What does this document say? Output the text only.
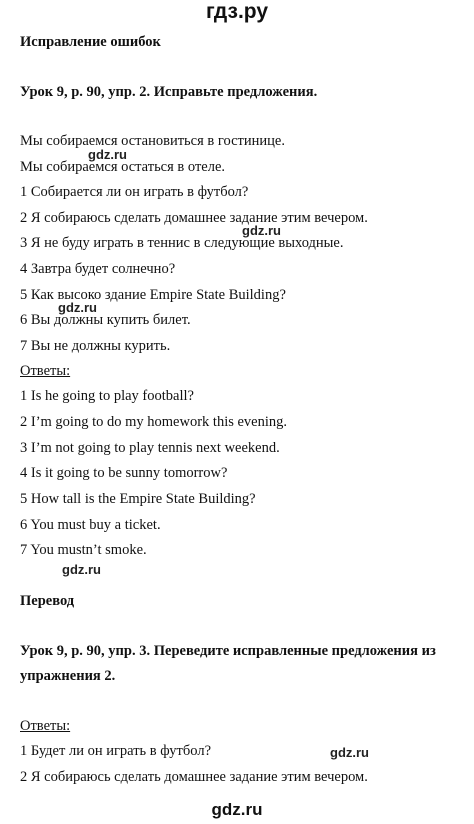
гдз.ру
Исправление ошибок
Урок 9, р. 90, упр. 2. Исправьте предложения.
Мы собираемся остановиться в гостинице.
gdz.ru
Мы собираемся остаться в отеле.
1 Собирается ли он играть в футбол?
2 Я собираюсь сделать домашнее задание этим вечером.
gdz.ru
3 Я не буду играть в теннис в следующие выходные.
4 Завтра будет солнечно?
5 Как высоко здание Empire State Building?
gdz.ru
6 Вы должны купить билет.
7 Вы не должны курить.
Ответы:
1 Is he going to play football?
2 I’m going to do my homework this evening.
3 I’m not going to play tennis next weekend.
4 Is it going to be sunny tomorrow?
5 How tall is the Empire State Building?
6 You must buy a ticket.
7 You mustn’t smoke.
gdz.ru
Перевод
Урок 9, р. 90, упр. 3. Переведите исправленные предложения из
упражнения 2.
Ответы:
1 Будет ли он играть в футбол?	gdz.ru
2 Я собираюсь сделать домашнее задание этим вечером.
gdz.ru
